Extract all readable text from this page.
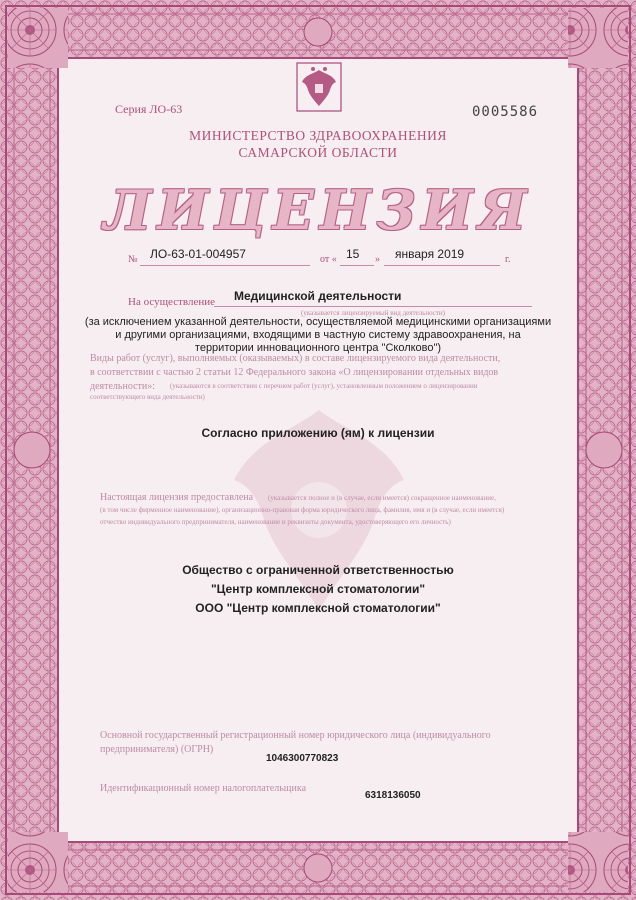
Серия ЛО-63	0005586
МИНИСТЕРСТВО ЗДРАВООХРАНЕНИЯ
САМАРСКОЙ ОБЛАСТИ
ЛИЦЕНЗИЯ
№ ЛО-63-01-004957	от « 15 » января 2019	г.
На осуществление Медицинской деятельности
(указывается лицензируемый вид деятельности)
(за исключением указанной деятельности, осуществляемой медицинскими организациями
и другими организациями, входящими в частную систему здравоохранения, на
территории инновационного центра "Сколково")
Виды работ (услуг), выполняемых (оказываемых) в составе лицензируемого вида деятельности,
в соответствии с частью 2 статьи 12 Федерального закона «О лицензировании отдельных видов
деятельности»: (указываются в соответствии с перечнем работ (услуг), установленным положением о лицензировании
соответствующего вида деятельности)
Согласно приложению (ям) к лицензии
Настоящая лицензия предоставлена (указывается полное и (в случае, если имеется) сокращенное наименование,
(в том числе фирменное наименование), организационно-правовая форма юридического лица, фамилия, имя и (в случае, если имеется)
отчество индивидуального предпринимателя, наименование и реквизиты документа, удостоверяющего его личность)
Общество с ограниченной ответственностью
"Центр комплексной стоматологии"
ООО "Центр комплексной стоматологии"
Основной государственный регистрационный номер юридического лица (индивидуального
предпринимателя) (ОГРН)
1046300770823
Идентификационный номер налогоплательщика
6318136050
